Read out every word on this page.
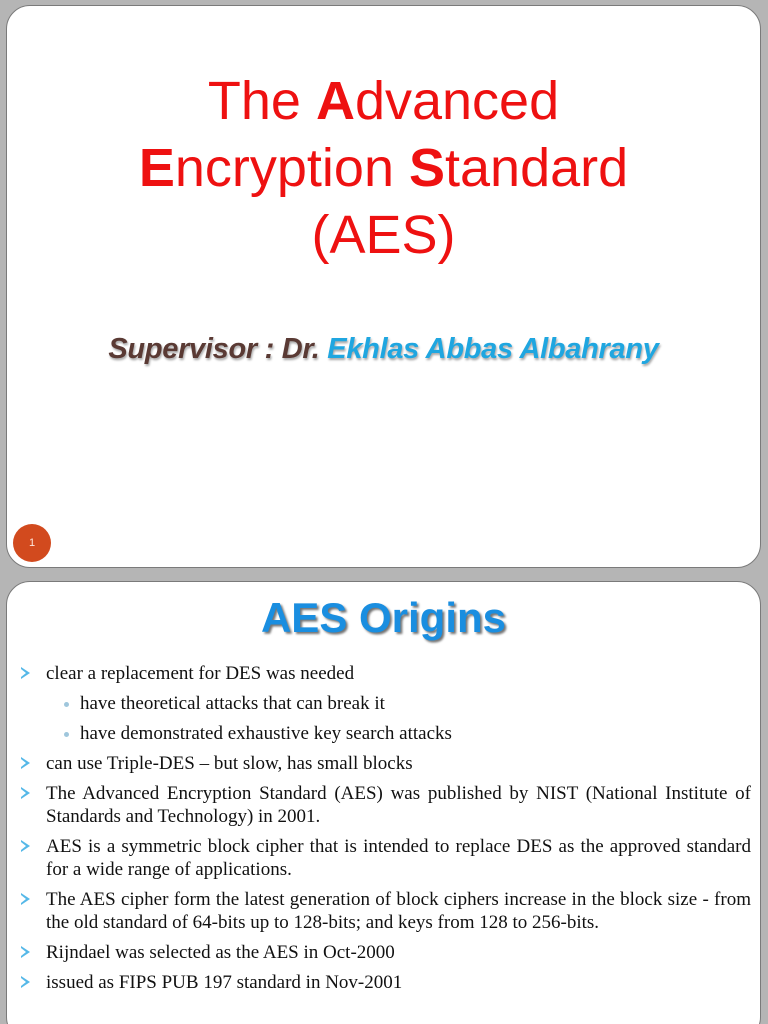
The Advanced
Encryption Standard
(AES)
Supervisor : Dr. Ekhlas Abbas Albahrany
1
AES Origins
clear a replacement for DES was needed
have theoretical attacks that can break it
have demonstrated exhaustive key search attacks
can use Triple-DES – but slow, has small blocks
The Advanced Encryption Standard (AES) was published by NIST (National Institute of Standards and Technology) in 2001.
AES is a symmetric block cipher that is intended to replace DES as the approved standard for a wide range of applications.
The AES cipher form the latest generation of block ciphers increase in the block size - from the old standard of 64-bits up to 128-bits; and keys from 128 to 256-bits.
Rijndael was selected as the AES in Oct-2000
issued as FIPS PUB 197 standard in Nov-2001
